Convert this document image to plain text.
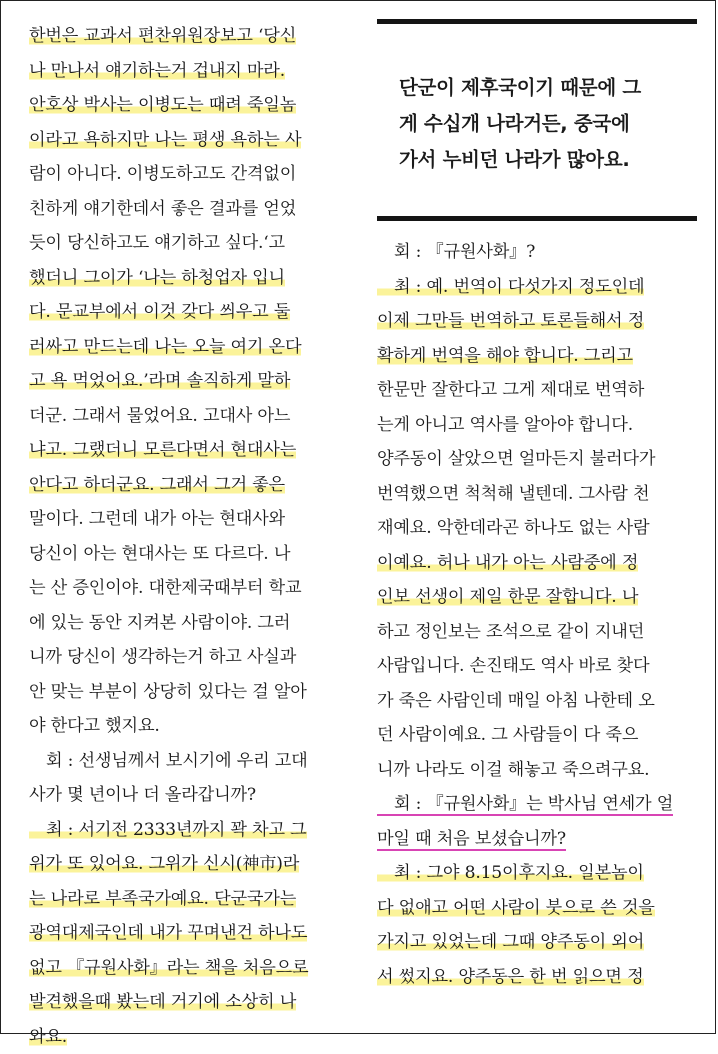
한번은 교과서 편찬위원장보고 ‘당신
나 만나서 얘기하는거 겁내지 마라.
안호상 박사는 이병도는 때려 죽일놈
이라고 욕하지만 나는 평생 욕하는 사
람이 아니다. 이병도하고도 간격없이
친하게 얘기한데서 좋은 결과를 얻었
듯이 당신하고도 얘기하고 싶다.‘고
했더니 그이가 ‘나는 하청업자 입니
다. 문교부에서 이것 갖다 씌우고 둘
러싸고 만드는데 나는 오늘 여기 온다
고 욕 먹었어요.’라며 솔직하게 말하
더군. 그래서 물었어요. 고대사 아느
냐고. 그랬더니 모른다면서 현대사는
안다고 하더군요. 그래서 그거 좋은
말이다. 그런데 내가 아는 현대사와
당신이 아는 현대사는 또 다르다. 나
는 산 증인이야. 대한제국때부터 학교
에 있는 동안 지켜본 사람이야. 그러
니까 당신이 생각하는거 하고 사실과
안 맞는 부분이 상당히 있다는 걸 알아
야 한다고 했지요.
　회 : 선생님께서 보시기에 우리 고대
사가 몇 년이나 더 올라갑니까?
　최 : 서기전 2333년까지 꽉 차고 그
위가 또 있어요. 그위가 신시(神市)라
는 나라로 부족국가예요. 단군국가는
광역대제국인데 내가 꾸며낸건 하나도
없고 『규원사화』라는 책을 처음으로
발견했을때 봤는데 거기에 소상히 나
와요.
단군이 제후국이기 때문에 그
게 수십개 나라거든, 중국에
가서 누비던 나라가 많아요.
　회 : 『규원사화』?
　최 : 예. 번역이 다섯가지 정도인데
이제 그만들 번역하고 토론들해서 정
확하게 번역을 해야 합니다. 그리고
한문만 잘한다고 그게 제대로 번역하
는게 아니고 역사를 알아야 합니다.
양주동이 살았으면 얼마든지 불러다가
번역했으면 척척해 낼텐데. 그사람 천
재예요. 악한데라곤 하나도 없는 사람
이예요. 허나 내가 아는 사람중에 정
인보 선생이 제일 한문 잘합니다. 나
하고 정인보는 조석으로 같이 지내던
사람입니다. 손진태도 역사 바로 찾다
가 죽은 사람인데 매일 아침 나한테 오
던 사람이예요. 그 사람들이 다 죽으
니까 나라도 이걸 해놓고 죽으려구요.
　회 : 『규원사화』는 박사님 연세가 얼
마일 때 처음 보셨습니까?
　최 : 그야 8.15이후지요. 일본놈이
다 없애고 어떤 사람이 붓으로 쓴 것을
가지고 있었는데 그때 양주동이 외어
서 썼지요. 양주동은 한 번 읽으면 정
